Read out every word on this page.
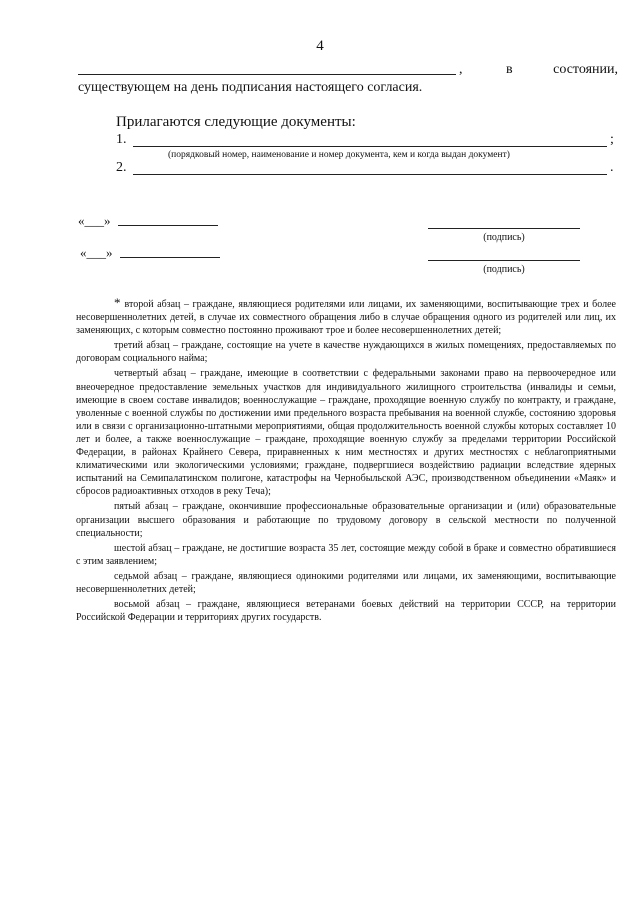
4
,	в	состоянии,
существующем на день подписания настоящего согласия.
Прилагаются следующие документы:
1.	;
(порядковый номер, наименование и номер документа, кем и когда выдан документ)
2.	.
«___»
«___»
(подпись)
(подпись)

* второй абзац – граждане, являющиеся родителями или лицами, их заменяющими, воспитывающие трех и более несовершеннолетних детей, в случае их совместного обращения либо в случае обращения одного из родителей или лиц, их заменяющих, с которым совместно постоянно проживают трое и более несовершеннолетних детей;

третий абзац – граждане, состоящие на учете в качестве нуждающихся в жилых помещениях, предоставляемых по договорам социального найма;

четвертый абзац – граждане, имеющие в соответствии с федеральными законами право на первоочередное или внеочередное предоставление земельных участков для индивидуального жилищного строительства (инвалиды и семьи, имеющие в своем составе инвалидов; военнослужащие – граждане, проходящие военную службу по контракту, и граждане, уволенные с военной службы по достижении ими предельного возраста пребывания на военной службе, состоянию здоровья или в связи с организационно-штатными мероприятиями, общая продолжительность военной службы которых составляет 10 лет и более, а также военнослужащие – граждане, проходящие военную службу за пределами территории Российской Федерации, в районах Крайнего Севера, приравненных к ним местностях и других местностях с неблагоприятными климатическими или экологическими условиями; граждане, подвергшиеся воздействию радиации вследствие ядерных испытаний на Семипалатинском полигоне, катастрофы на Чернобыльской АЭС, производственном объединении «Маяк» и сбросов радиоактивных отходов в реку Теча);

пятый абзац – граждане, окончившие профессиональные образовательные организации и (или) образовательные организации высшего образования и работающие по трудовому договору в сельской местности по полученной специальности;

шестой абзац – граждане, не достигшие возраста 35 лет, состоящие между собой в браке и совместно обратившиеся с этим заявлением;

седьмой абзац – граждане, являющиеся одинокими родителями или лицами, их заменяющими, воспитывающие несовершеннолетних детей;

восьмой абзац – граждане, являющиеся ветеранами боевых действий на территории СССР, на территории Российской Федерации и территориях других государств.
